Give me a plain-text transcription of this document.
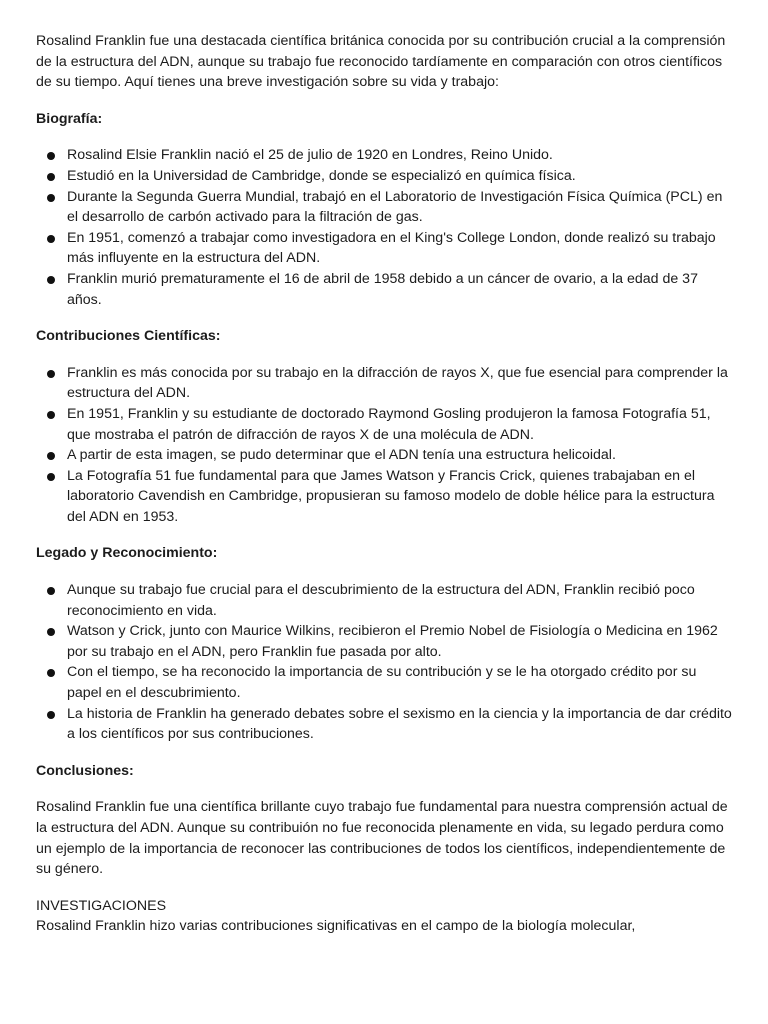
Rosalind Franklin fue una destacada científica británica conocida por su contribución crucial a la comprensión de la estructura del ADN, aunque su trabajo fue reconocido tardíamente en comparación con otros científicos de su tiempo. Aquí tienes una breve investigación sobre su vida y trabajo:

Biografía:

Rosalind Elsie Franklin nació el 25 de julio de 1920 en Londres, Reino Unido.
Estudió en la Universidad de Cambridge, donde se especializó en química física.
Durante la Segunda Guerra Mundial, trabajó en el Laboratorio de Investigación Física Química (PCL) en el desarrollo de carbón activado para la filtración de gas.
En 1951, comenzó a trabajar como investigadora en el King's College London, donde realizó su trabajo más influyente en la estructura del ADN.
Franklin murió prematuramente el 16 de abril de 1958 debido a un cáncer de ovario, a la edad de 37 años.

Contribuciones Científicas:

Franklin es más conocida por su trabajo en la difracción de rayos X, que fue esencial para comprender la estructura del ADN.
En 1951, Franklin y su estudiante de doctorado Raymond Gosling produjeron la famosa Fotografía 51, que mostraba el patrón de difracción de rayos X de una molécula de ADN.
A partir de esta imagen, se pudo determinar que el ADN tenía una estructura helicoidal.
La Fotografía 51 fue fundamental para que James Watson y Francis Crick, quienes trabajaban en el laboratorio Cavendish en Cambridge, propusieran su famoso modelo de doble hélice para la estructura del ADN en 1953.

Legado y Reconocimiento:

Aunque su trabajo fue crucial para el descubrimiento de la estructura del ADN, Franklin recibió poco reconocimiento en vida.
Watson y Crick, junto con Maurice Wilkins, recibieron el Premio Nobel de Fisiología o Medicina en 1962 por su trabajo en el ADN, pero Franklin fue pasada por alto.
Con el tiempo, se ha reconocido la importancia de su contribución y se le ha otorgado crédito por su papel en el descubrimiento.
La historia de Franklin ha generado debates sobre el sexismo en la ciencia y la importancia de dar crédito a los científicos por sus contribuciones.

Conclusiones:

Rosalind Franklin fue una científica brillante cuyo trabajo fue fundamental para nuestra comprensión actual de la estructura del ADN. Aunque su contribuión no fue reconocida plenamente en vida, su legado perdura como un ejemplo de la importancia de reconocer las contribuciones de todos los científicos, independientemente de su género.

INVESTIGACIONES

Rosalind Franklin hizo varias contribuciones significativas en el campo de la biología molecular,
